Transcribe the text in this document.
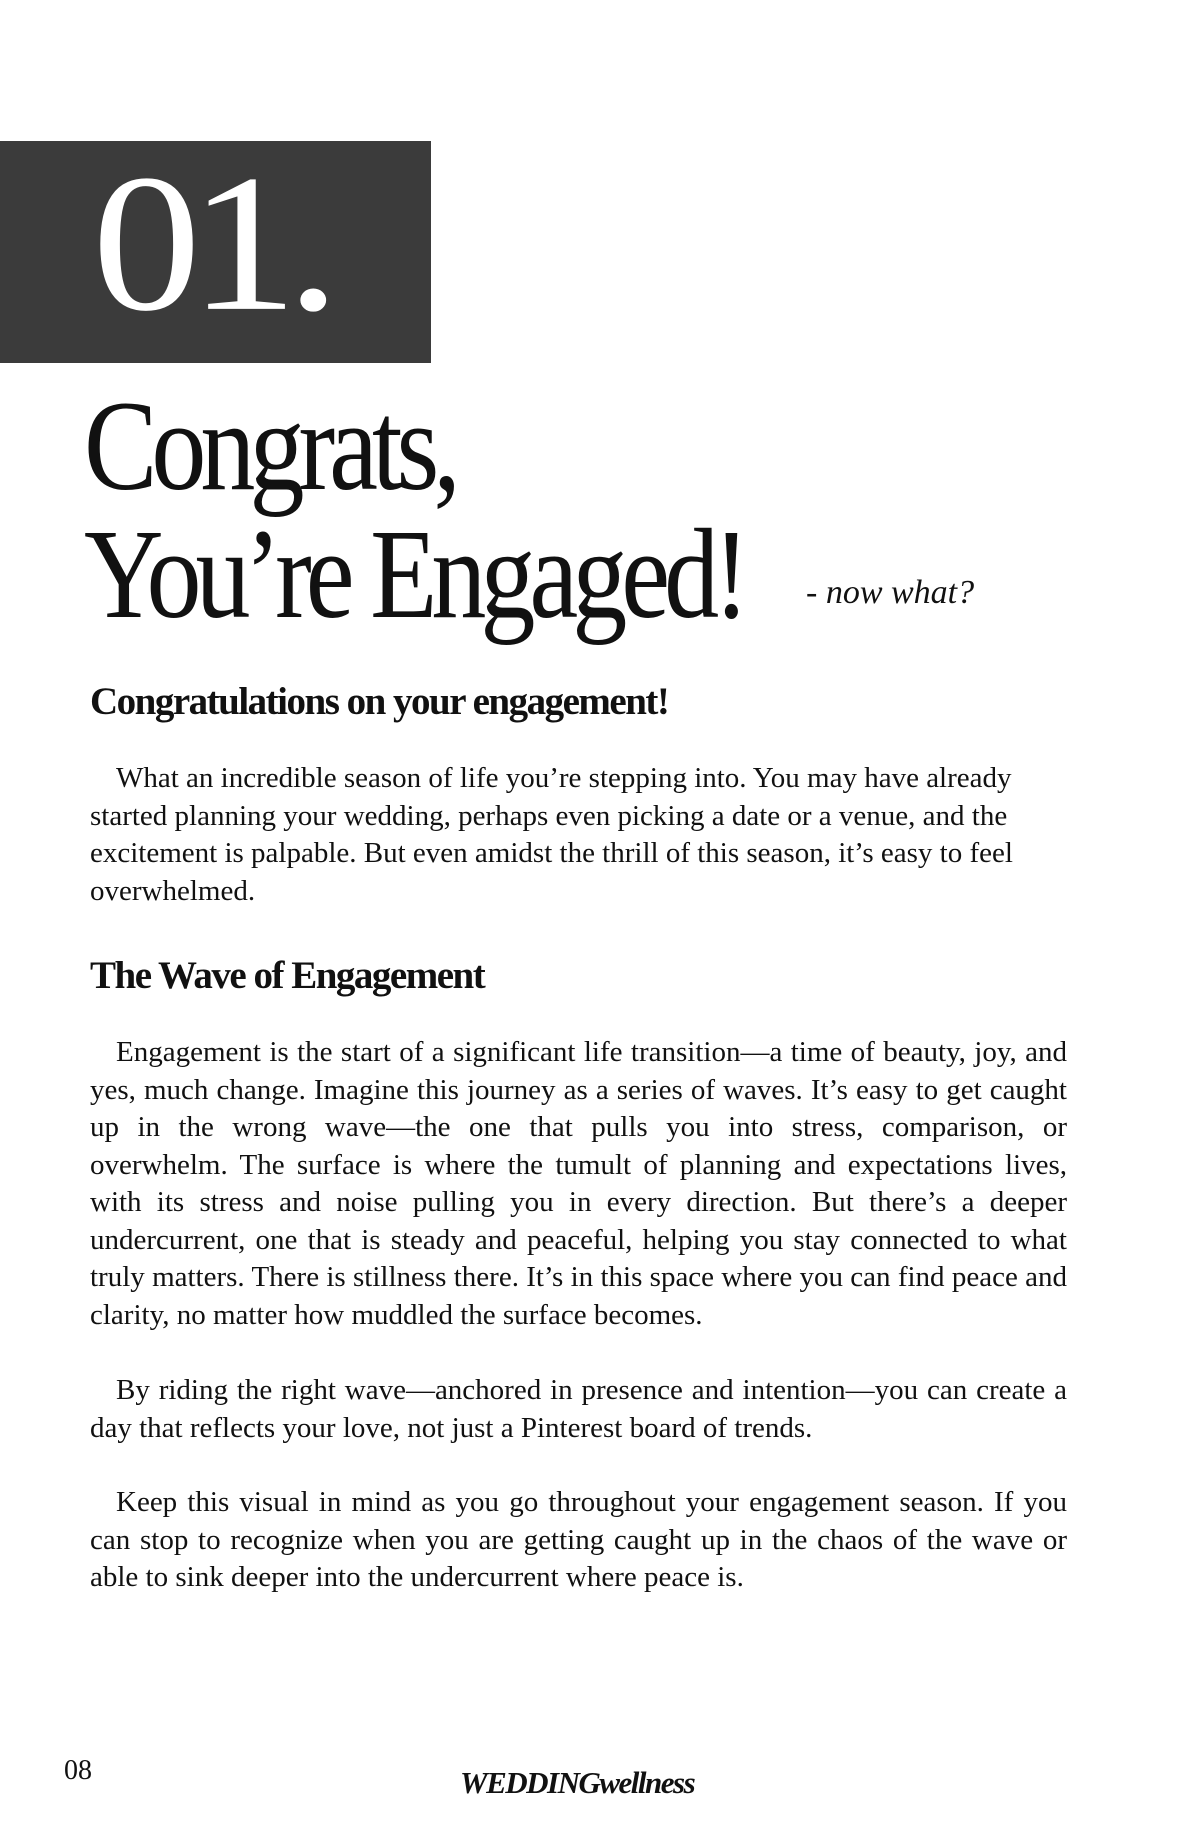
01.
Congrats,
You’re Engaged! - now what?
Congratulations on your engagement!

What an incredible season of life you’re stepping into. You may have already started planning your wedding, perhaps even picking a date or a venue, and the excitement is palpable. But even amidst the thrill of this season, it’s easy to feel overwhelmed.

The Wave of Engagement

Engagement is the start of a significant life transition—a time of beauty, joy, and yes, much change. Imagine this journey as a series of waves. It’s easy to get caught up in the wrong wave—the one that pulls you into stress, comparison, or overwhelm. The surface is where the tumult of planning and expectations lives, with its stress and noise pulling you in every direction. But there’s a deeper undercurrent, one that is steady and peaceful, helping you stay connected to what truly matters. There is stillness there. It’s in this space where you can find peace and clarity, no matter how muddled the surface becomes.

By riding the right wave—anchored in presence and intention—you can create a day that reflects your love, not just a Pinterest board of trends.

Keep this visual in mind as you go throughout your engagement season. If you can stop to recognize when you are getting caught up in the chaos of the wave or able to sink deeper into the undercurrent where peace is.

08	WEDDINGwellness
